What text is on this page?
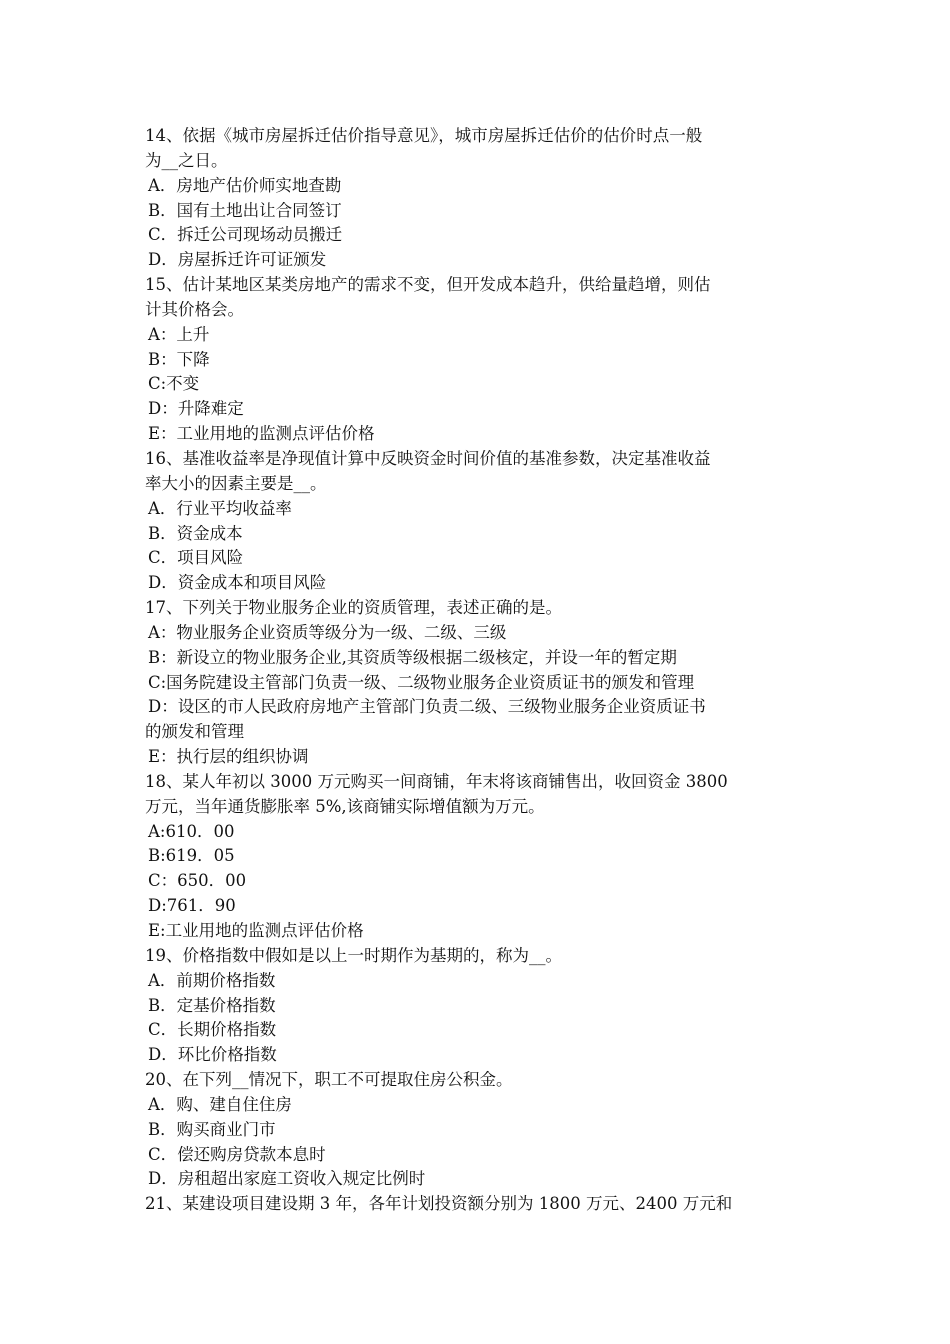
14、依据《城市房屋拆迁估价指导意见》，城市房屋拆迁估价的估价时点一般
为__之日。
A．房地产估价师实地查勘
B．国有土地出让合同签订
C．拆迁公司现场动员搬迁
D．房屋拆迁许可证颁发
15、估计某地区某类房地产的需求不变，但开发成本趋升，供给量趋增，则估
计其价格会。
A：上升
B：下降
C:不变
D：升降难定
E：工业用地的监测点评估价格
16、基准收益率是净现值计算中反映资金时间价值的基准参数，决定基准收益
率大小的因素主要是__。
A．行业平均收益率
B．资金成本
C．项目风险
D．资金成本和项目风险
17、下列关于物业服务企业的资质管理，表述正确的是。
A：物业服务企业资质等级分为一级、二级、三级
B：新设立的物业服务企业,其资质等级根据二级核定，并设一年的暂定期
C:国务院建设主管部门负责一级、二级物业服务企业资质证书的颁发和管理
D：设区的市人民政府房地产主管部门负责二级、三级物业服务企业资质证书
的颁发和管理
E：执行层的组织协调
18、某人年初以 3000 万元购买一间商铺，年末将该商铺售出，收回资金 3800
万元，当年通货膨胀率 5%,该商铺实际增值额为万元。
A:610．00
B:619．05
C：650．00
D:761．90
E:工业用地的监测点评估价格
19、价格指数中假如是以上一时期作为基期的，称为__。
A．前期价格指数
B．定基价格指数
C．长期价格指数
D．环比价格指数
20、在下列__情况下，职工不可提取住房公积金。
A．购、建自住住房
B．购买商业门市
C．偿还购房贷款本息时
D．房租超出家庭工资收入规定比例时
21、某建设项目建设期 3 年，各年计划投资额分别为 1800 万元、2400 万元和
